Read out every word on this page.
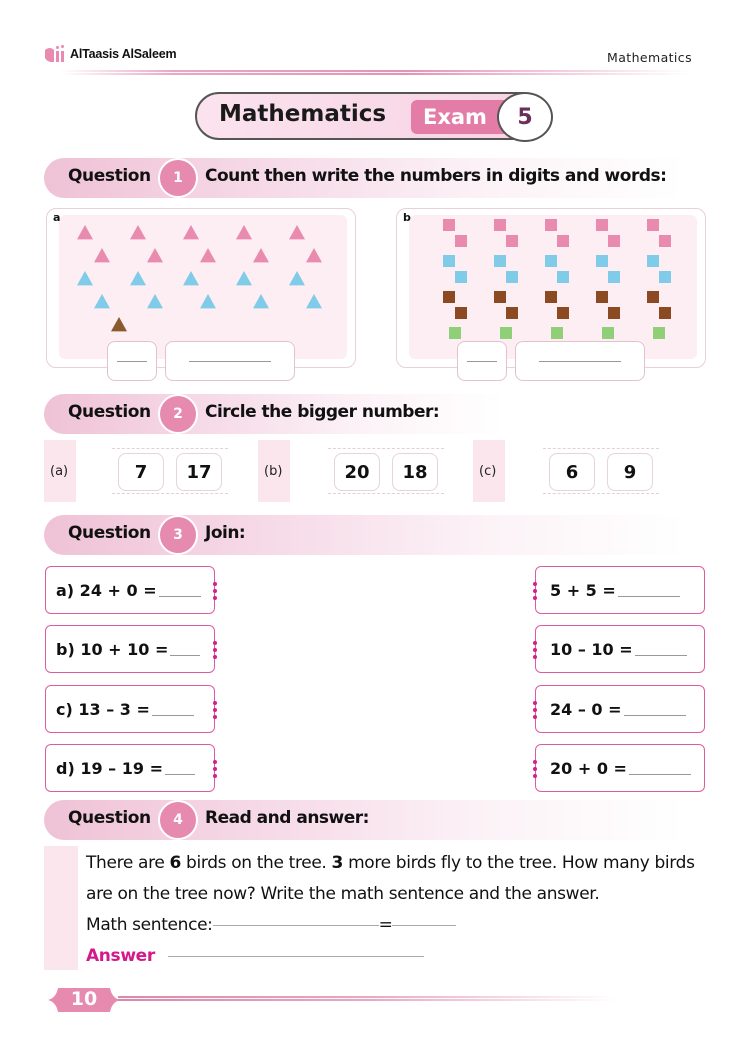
AlTaasis AlSaleem	Mathematics
Mathematics	Exam	5
Question	1	Count then write the numbers in digits and words:
a	b
Question	2	Circle the bigger number:
(a)	7	17	(b)	20	18	(c)	6	9
Question	3	Join:
a) 24 + 0 =
b) 10 + 10 =
c) 13 – 3 =
d) 19 – 19 =
5 + 5 =
10 – 10 =
24 – 0 =
20 + 0 =
Question	4	Read and answer:
There are 6 birds on the tree. 3 more birds fly to the tree. How many birds are on the tree now? Write the math sentence and the answer.
Math sentence:	=
Answer
10
